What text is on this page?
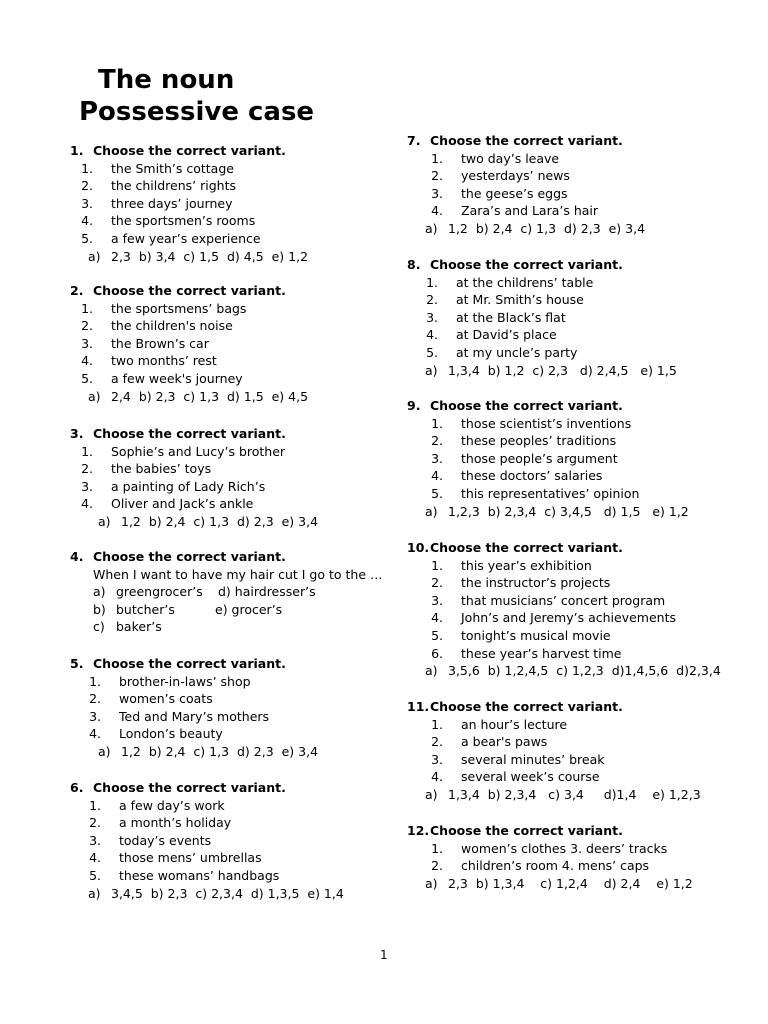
The noun
Possessive case
1. Choose the correct variant.
1. the Smith’s cottage
2. the childrens’ rights
3. three days’ journey
4. the sportsmen’s rooms
5. a few year’s experience
a) 2,3  b) 3,4  c) 1,5  d) 4,5  e) 1,2
2. Choose the correct variant.
1. the sportsmens’ bags
2. the children's noise
3. the Brown’s car
4. two months’ rest
5. a few week's journey
a) 2,4  b) 2,3  c) 1,3  d) 1,5  e) 4,5
3. Choose the correct variant.
1. Sophie’s and Lucy’s brother
2. the babies’ toys
3. a painting of Lady Rich’s
4. Oliver and Jack’s ankle
a) 1,2  b) 2,4  c) 1,3  d) 2,3  e) 3,4
4. Choose the correct variant.
When I want to have my hair cut I go to the …
a) greengrocer’s d) hairdresser’s
b) butcher’s	e) grocer’s
c) baker’s
5. Choose the correct variant.
1. brother-in-laws’ shop
2. women’s coats
3. Ted and Mary’s mothers
4. London’s beauty
a) 1,2  b) 2,4  c) 1,3  d) 2,3  e) 3,4
6. Choose the correct variant.
1. a few day’s work
2. a month’s holiday
3. today’s events
4. those mens’ umbrellas
5. these womans’ handbags
a) 3,4,5  b) 2,3  c) 2,3,4  d) 1,3,5  e) 1,4
7. Choose the correct variant.
1. two day’s leave
2. yesterdays’ news
3. the geese’s eggs
4. Zara’s and Lara’s hair
a) 1,2  b) 2,4  c) 1,3  d) 2,3  e) 3,4
8. Choose the correct variant.
1. at the childrens’ table
2. at Mr. Smith’s house
3. at the Black’s flat
4. at David’s place
5. at my uncle’s party
a) 1,3,4  b) 1,2  c) 2,3   d) 2,4,5   e) 1,5
9. Choose the correct variant.
1. those scientist’s inventions
2. these peoples’ traditions
3. those people’s argument
4. these doctors’ salaries
5. this representatives’ opinion
a) 1,2,3  b) 2,3,4  c) 3,4,5   d) 1,5   e) 1,2
10.Choose the correct variant.
1. this year’s exhibition
2. the instructor’s projects
3. that musicians’ concert program
4. John’s and Jeremy’s achievements
5. tonight’s musical movie
6. these year’s harvest time
a) 3,5,6  b) 1,2,4,5  c) 1,2,3  d)1,4,5,6  d)2,3,4
11.Choose the correct variant.
1. an hour’s lecture
2. a bear's paws
3. several minutes’ break
4. several week’s course
a) 1,3,4  b) 2,3,4   c) 3,4     d)1,4    e) 1,2,3
12.Choose the correct variant.
1. women’s clothes 3. deers’ tracks
2. children’s room 4. mens’ caps
a) 2,3  b) 1,3,4    c) 1,2,4    d) 2,4    e) 1,2
1
